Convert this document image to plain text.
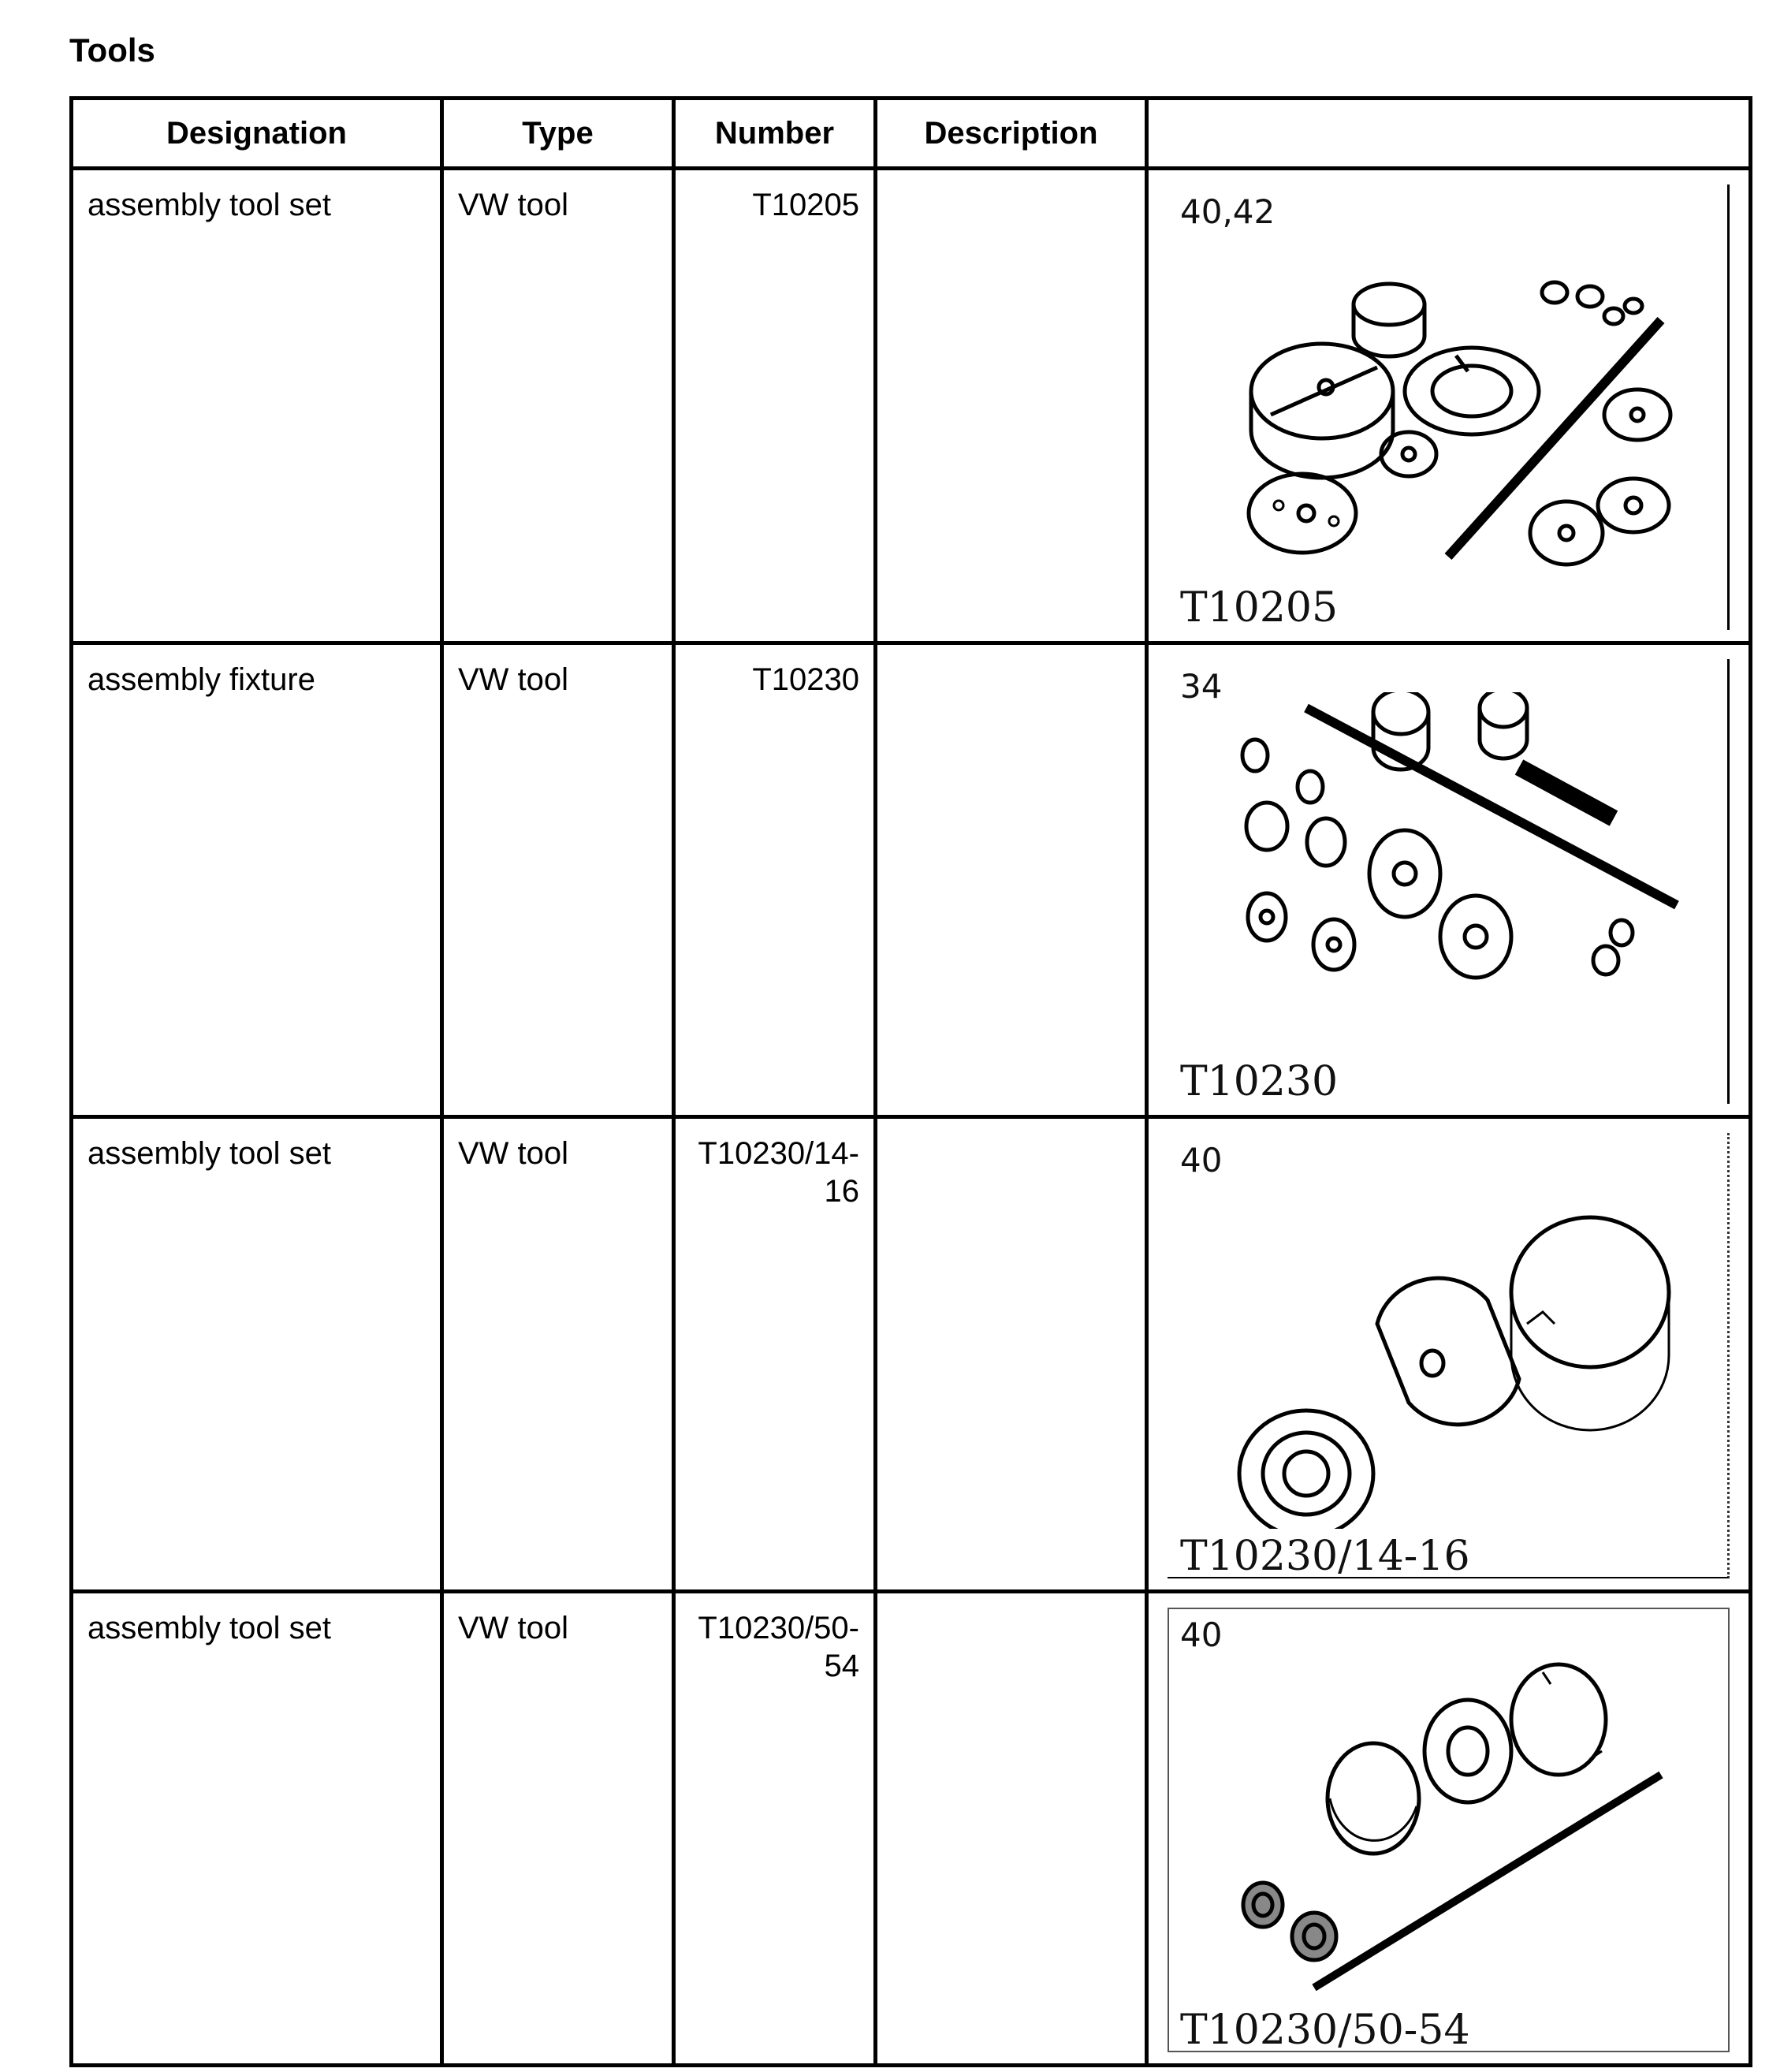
Tools
Designation	Type	Number	Description	

assembly tool set	VW tool	T10205		40,42
T10205

assembly fixture	VW tool	T10230		34
T10230

assembly tool set	VW tool	T10230/14-16		40
T10230/14-16

assembly tool set	VW tool	T10230/50-54		40
T10230/50-54
